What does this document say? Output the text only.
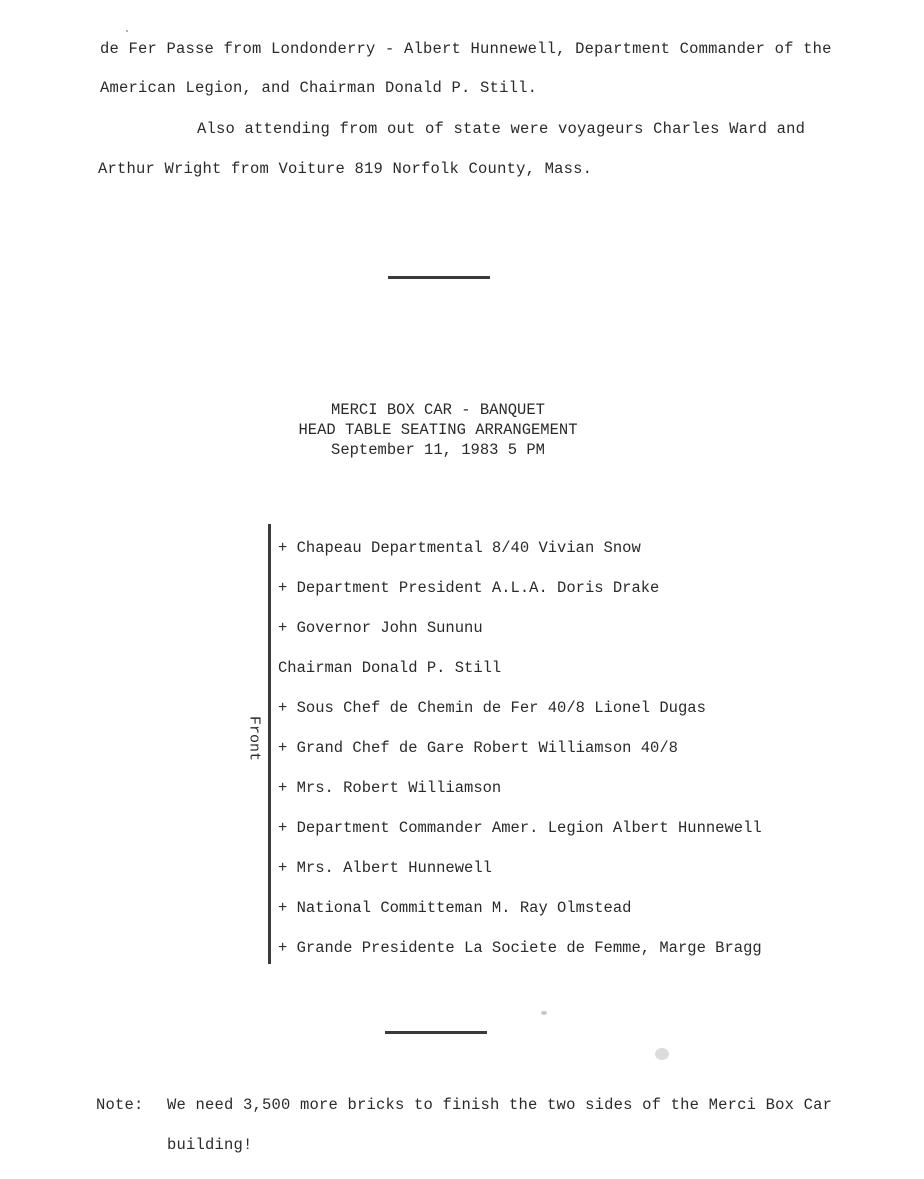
de Fer Passe from Londonderry - Albert Hunnewell, Department Commander of the
American Legion, and Chairman Donald P. Still.
Also attending from out of state were voyageurs Charles Ward and
Arthur Wright from Voiture 819 Norfolk County, Mass.
MERCI BOX CAR - BANQUET
HEAD TABLE SEATING ARRANGEMENT
September 11, 1983 5 PM
Front
+ Chapeau Departmental 8/40 Vivian Snow
+ Department President A.L.A. Doris Drake
+ Governor John Sununu
Chairman Donald P. Still
+ Sous Chef de Chemin de Fer 40/8 Lionel Dugas
+ Grand Chef de Gare Robert Williamson 40/8
+ Mrs. Robert Williamson
+ Department Commander Amer. Legion Albert Hunnewell
+ Mrs. Albert Hunnewell
+ National Committeman M. Ray Olmstead
+ Grande Presidente La Societe de Femme, Marge Bragg
Note: We need 3,500 more bricks to finish the two sides of the Merci Box Car
building!
